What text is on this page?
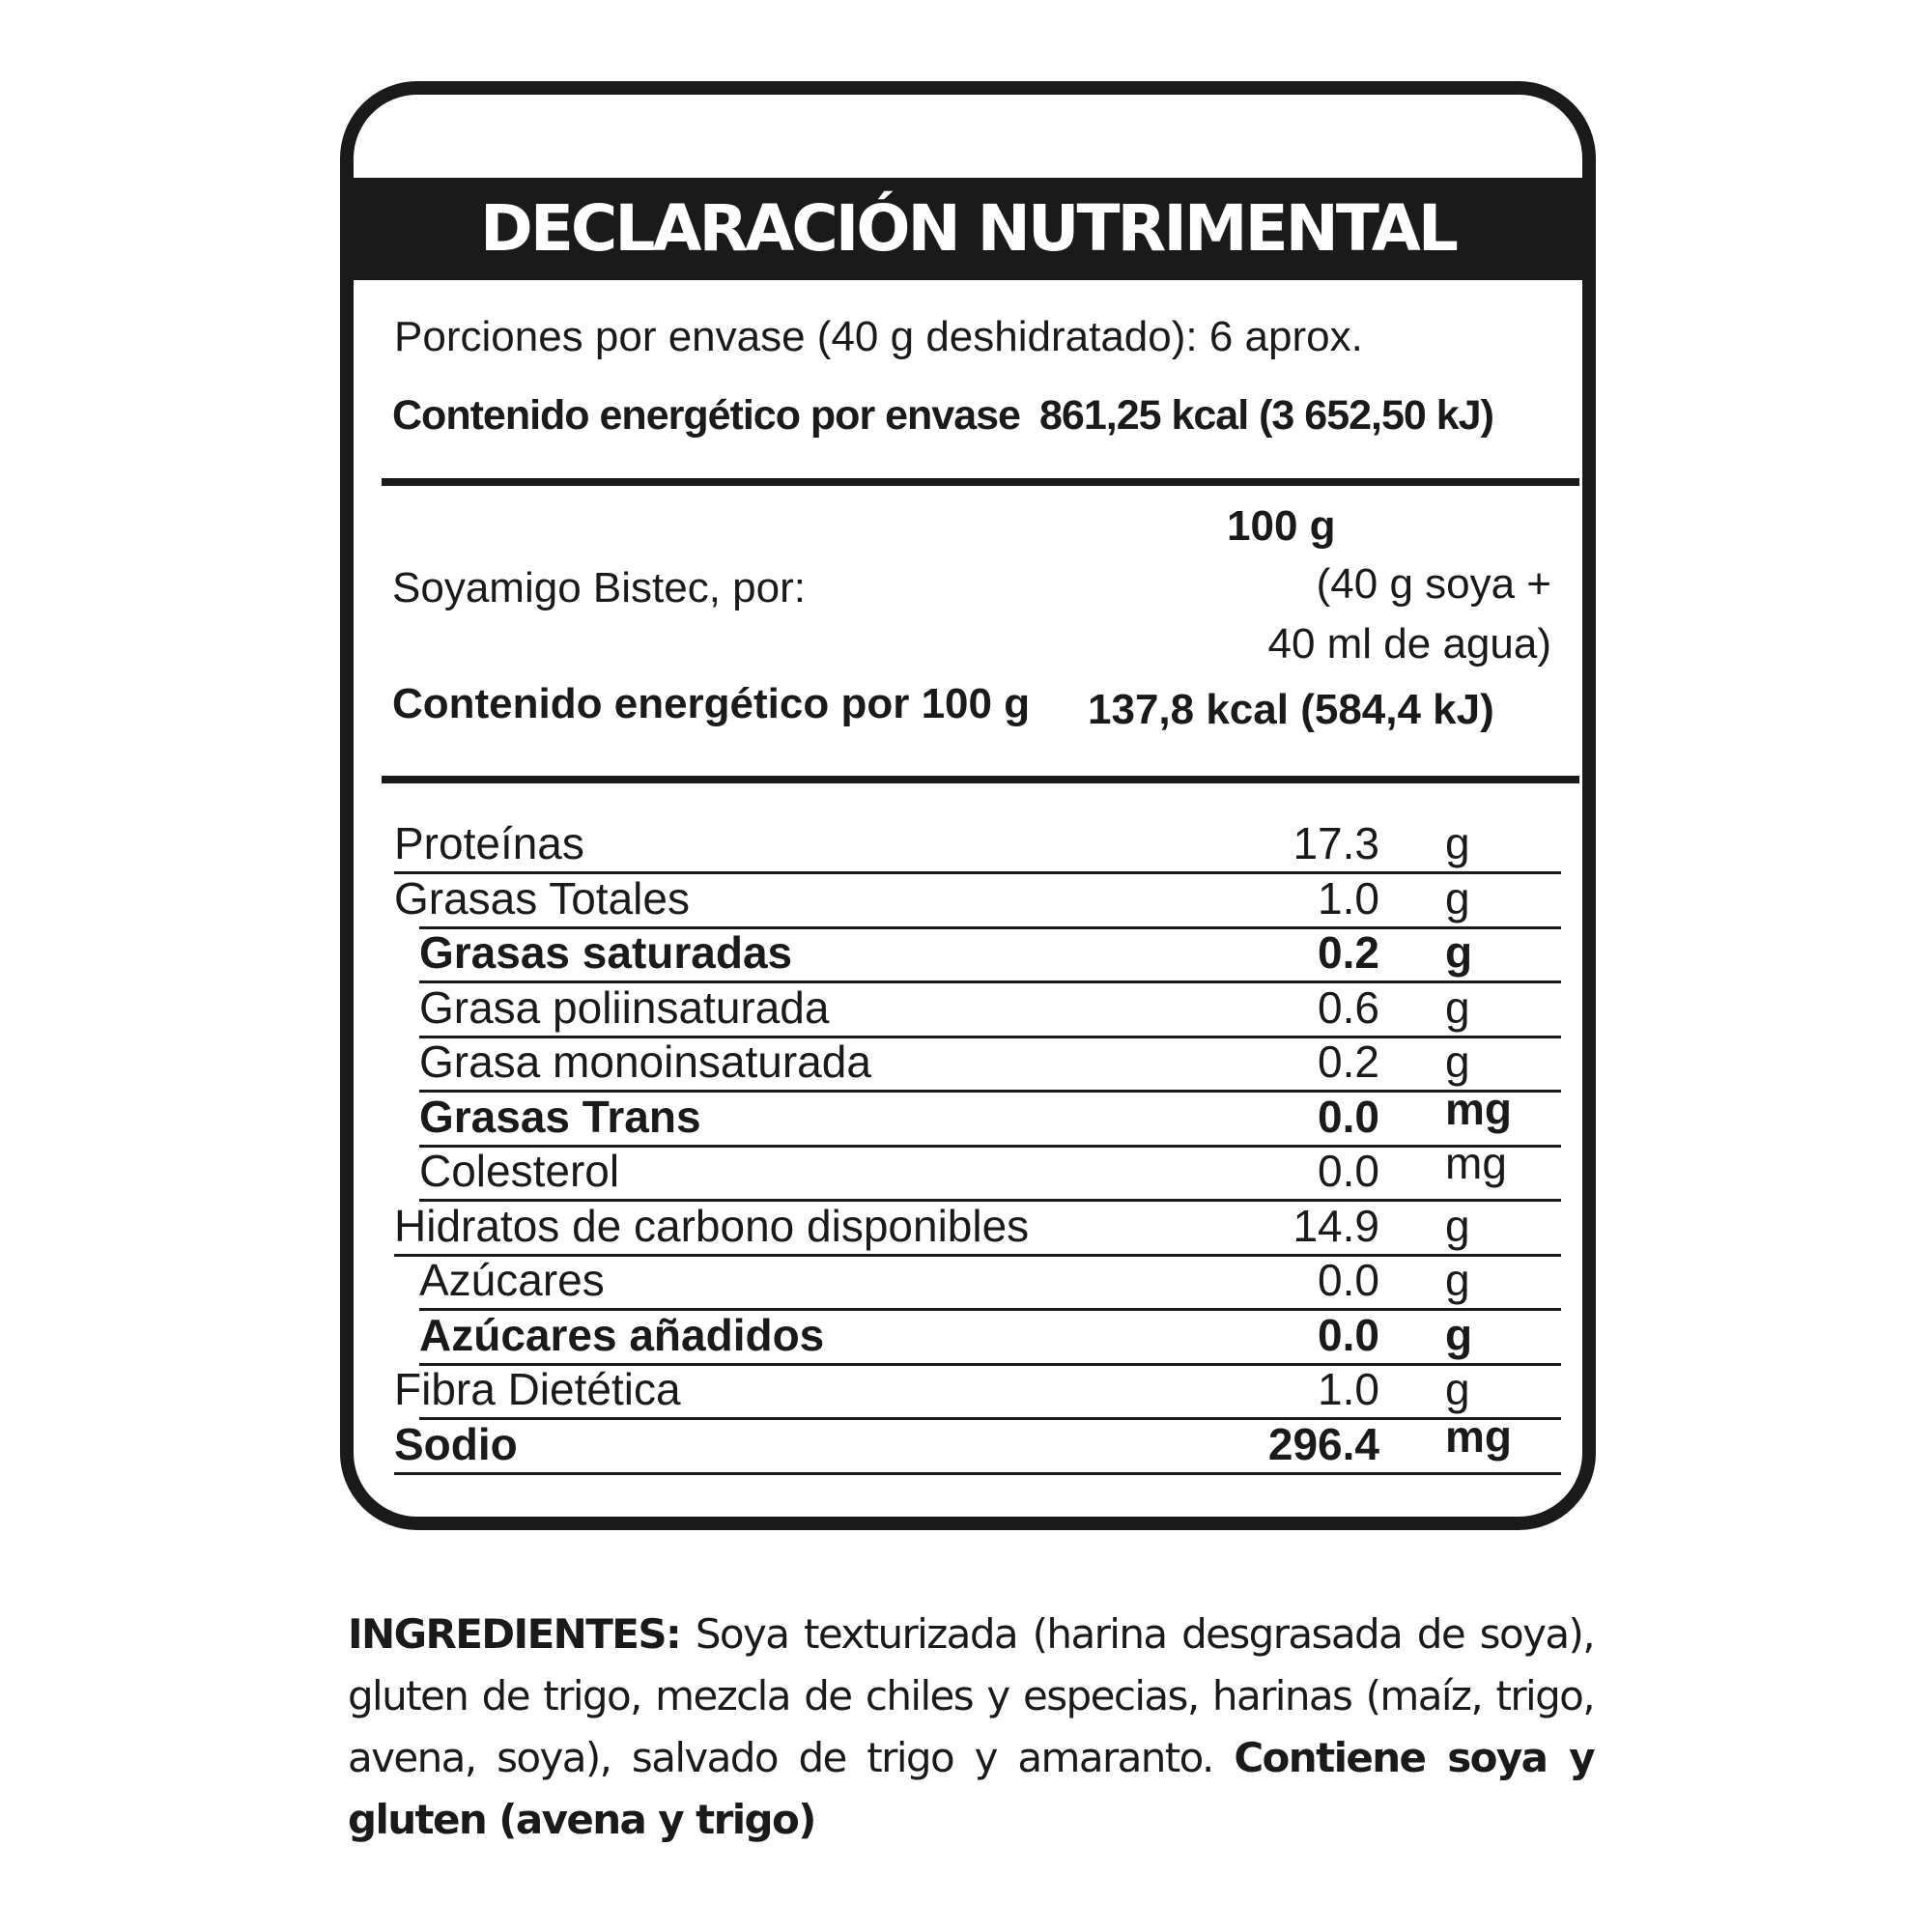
DECLARACIÓN NUTRIMENTAL
Porciones por envase (40 g deshidratado): 6 aprox.
Contenido energético por envase 861,25 kcal (3 652,50 kJ)
Soyamigo Bistec, por:
100 g
(40 g soya +
40 ml de agua)
Contenido energético por 100 g 137,8 kcal (584,4 kJ)
Proteínas	17.3 g
Grasas Totales	1.0 g
Grasas saturadas	0.2 g
Grasa poliinsaturada	0.6 g
Grasa monoinsaturada	0.2 g
Grasas Trans	0.0 mg
Colesterol	0.0 mg
Hidratos de carbono disponibles	14.9 g
Azúcares	0.0 g
Azúcares añadidos	0.0 g
Fibra Dietética	1.0 g
Sodio	296.4 mg
INGREDIENTES: Soya texturizada (harina desgrasada de soya), gluten de trigo, mezcla de chiles y especias, harinas (maíz, trigo, avena, soya), salvado de trigo y amaranto. Contiene soya y gluten (avena y trigo)
